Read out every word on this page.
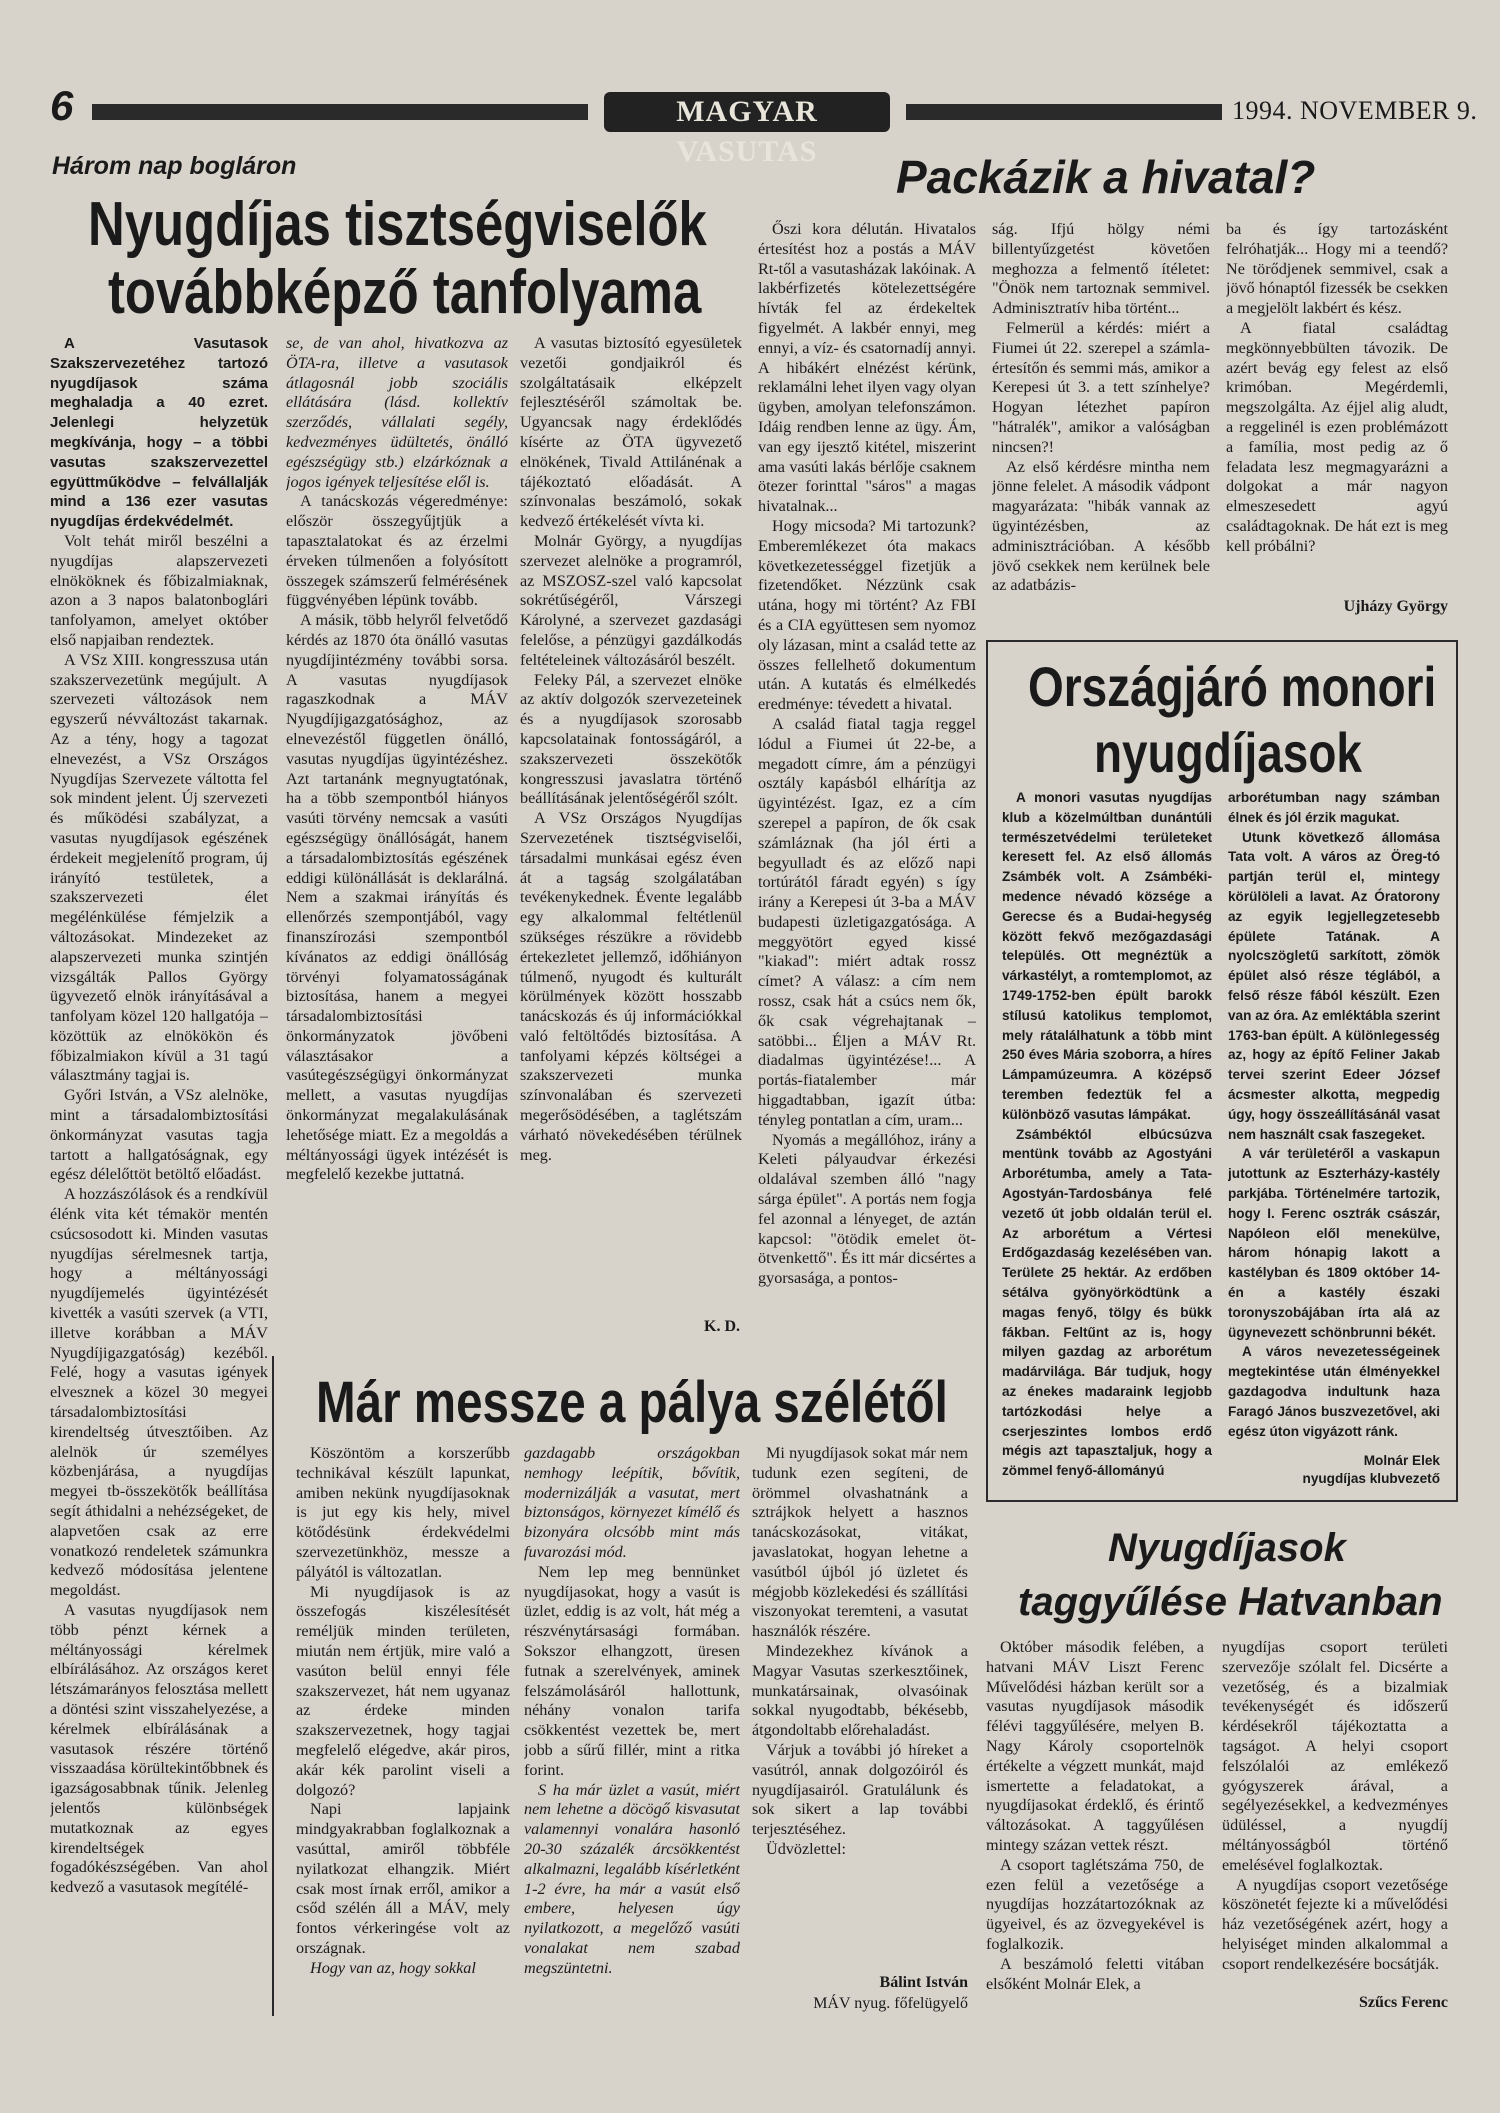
6	MAGYAR VASUTAS
1994. NOVEMBER 9.
Három nap bogláron
Nyugdíjas tisztségviselők
továbbképző tanfolyama

A Vasutasok Szakszervezetéhez tartozó nyugdíjasok száma meghaladja a 40 ezret. Jelenlegi helyzetük megkívánja, hogy – a többi vasutas szakszervezettel együttműködve – felvállalják mind a 136 ezer vasutas nyugdíjas érdekvédelmét.

Volt tehát miről beszélni a nyugdíjas alapszervezeti elnököknek és főbizalmiaknak, azon a 3 napos balatonboglári tanfolyamon, amelyet október első napjaiban rendeztek.

A VSz XIII. kongresszusa után szakszervezetünk megújult. A szervezeti változások nem egyszerű névváltozást takarnak. Az a tény, hogy a tagozat elnevezést, a VSz Országos Nyugdíjas Szervezete váltotta fel sok mindent jelent. Új szervezeti és működési szabályzat, a vasutas nyugdíjasok egészének érdekeit megjelenítő program, új irányító testületek, a szakszervezeti élet megélénkülése fémjelzik a változásokat. Mindezeket az alapszervezeti munka szintjén vizsgálták Pallos György ügyvezető elnök irányításával a tanfolyam közel 120 hallgatója – közöttük az elnökökön és főbizalmiakon kívül a 31 tagú választmány tagjai is.

Győri István, a VSz alelnöke, mint a társadalombiztosítási önkormányzat vasutas tagja tartott a hallgatóságnak, egy egész délelőttöt betöltő előadást.

A hozzászólások és a rendkívül élénk vita két témakör mentén csúcsosodott ki. Minden vasutas nyugdíjas sérelmesnek tartja, hogy a méltányossági nyugdíjemelés ügyintézését kivették a vasúti szervek (a VTI, illetve korábban a MÁV Nyugdíjigazgatóság) kezéből. Felé, hogy a vasutas igények elvesznek a közel 30 megyei társadalombiztosítási kirendeltség útvesztőiben. Az alelnök úr személyes közbenjárása, a nyugdíjas megyei tb-összekötők beállítása segít áthidalni a nehézségeket, de alapvetően csak az erre vonatkozó rendeletek számunkra kedvező módosítása jelentene megoldást.

A vasutas nyugdíjasok nem több pénzt kérnek a méltányossági kérelmek elbírálásához. Az országos keret létszámarányos felosztása mellett a döntési szint visszahelyezése, a kérelmek elbírálásának a vasutasok részére történő visszaadása körültekintőbbnek és igazságosabbnak tűnik. Jelenleg jelentős különbségek mutatkoznak az egyes kirendeltségek fogadókészségében. Van ahol kedvező a vasutasok megítélé-

se, de van ahol, hivatkozva az ÖTA-ra, illetve a vasutasok átlagosnál jobb szociális ellátására (lásd. kollektív szerződés, vállalati segély, kedvezményes üdültetés, önálló egészségügy stb.) elzárkóznak a jogos igények teljesítése elől is.

A tanácskozás végeredménye: először összegyűjtjük a tapasztalatokat és az érzelmi érveken túlmenően a folyósított összegek számszerű felmérésének függvényében lépünk tovább.

A másik, több helyről felvetődő kérdés az 1870 óta önálló vasutas nyugdíjintézmény további sorsa. A vasutas nyugdíjasok ragaszkodnak a MÁV Nyugdíjigazgatósághoz, az elnevezéstől független önálló, vasutas nyugdíjas ügyintézéshez. Azt tartanánk megnyugtatónak, ha a több szempontból hiányos vasúti törvény nemcsak a vasúti egészségügy önállóságát, hanem a társadalombiztosítás egészének eddigi különállását is deklarálná. Nem a szakmai irányítás és ellenőrzés szempontjából, vagy finanszírozási szempontból kívánatos az eddigi önállóság törvényi folyamatosságának biztosítása, hanem a megyei társadalombiztosítási önkormányzatok jövőbeni választásakor a vasútegészségügyi önkormányzat mellett, a vasutas nyugdíjas önkormányzat megalakulásának lehetősége miatt. Ez a megoldás a méltányossági ügyek intézését is megfelelő kezekbe juttatná.

A vasutas biztosító egyesületek vezetői gondjaikról és szolgáltatásaik elképzelt fejlesztéséről számoltak be. Ugyancsak nagy érdeklődés kísérte az ÖTA ügyvezető elnökének, Tivald Attilánénak a tájékoztató előadását. A színvonalas beszámoló, sokak kedvező értékelését vívta ki.

Molnár György, a nyugdíjas szervezet alelnöke a programról, az MSZOSZ-szel való kapcsolat sokrétűségéről, Várszegi Károlyné, a szervezet gazdasági felelőse, a pénzügyi gazdálkodás feltételeinek változásáról beszélt.

Feleky Pál, a szervezet elnöke az aktív dolgozók szervezeteinek és a nyugdíjasok szorosabb kapcsolatainak fontosságáról, a szakszervezeti összekötők kongresszusi javaslatra történő beállításának jelentőségéről szólt.

A VSz Országos Nyugdíjas Szervezetének tisztségviselői, társadalmi munkásai egész éven át a tagság szolgálatában tevékenykednek. Évente legalább egy alkalommal feltétlenül szükséges részükre a rövidebb értekezletet jellemző, időhiányon túlmenő, nyugodt és kulturált körülmények között hosszabb tanácskozás és új információkkal való feltöltődés biztosítása. A tanfolyami képzés költségei a szakszervezeti munka színvonalában és szervezeti megerősödésében, a taglétszám várható növekedésében térülnek meg.

K. D.
Packázik a hivatal?

Őszi kora délután. Hivatalos értesítést hoz a postás a MÁV Rt-től a vasutasházak lakóinak. A lakbérfizetés kötelezettségére hívták fel az érdekeltek figyelmét. A lakbér ennyi, meg ennyi, a víz- és csatornadíj annyi. A hibákért elnézést kérünk, reklamálni lehet ilyen vagy olyan ügyben, amolyan telefonszámon. Idáig rendben lenne az ügy. Ám, van egy ijesztő kitétel, miszerint ama vasúti lakás bérlője csaknem ötezer forinttal "sáros" a magas hivatalnak...

Hogy micsoda? Mi tartozunk? Emberemlékezet óta makacs következetességgel fizetjük a fizetendőket. Nézzünk csak utána, hogy mi történt? Az FBI és a CIA együttesen sem nyomoz oly lázasan, mint a család tette az összes fellelhető dokumentum után. A kutatás és elmélkedés eredménye: tévedett a hivatal.

A család fiatal tagja reggel lódul a Fiumei út 22-be, a megadott címre, ám a pénzügyi osztály kapásból elhárítja az ügyintézést. Igaz, ez a cím szerepel a papíron, de ők csak számláznak (ha jól érti a begyulladt és az előző napi tortúrától fáradt egyén) s így irány a Kerepesi út 3-ba a MÁV budapesti üzletigazgatósága. A meggyötört egyed kissé "kiakad": miért adtak rossz címet? A válasz: a cím nem rossz, csak hát a csúcs nem ők, ők csak végrehajtanak – satöbbi... Éljen a MÁV Rt. diadalmas ügyintézése!... A portás-fiatalember már higgadtabban, igazít útba: tényleg pontatlan a cím, uram...

Nyomás a megállóhoz, irány a Keleti pályaudvar érkezési oldalával szemben álló "nagy sárga épület". A portás nem fogja fel azonnal a lényeget, de aztán kapcsol: "ötödik emelet öt-ötvenkettő". És itt már dicsértes a gyorsasága, a pontos-

ság. Ifjú hölgy némi billentyűzgetést követően meghozza a felmentő ítéletet: "Önök nem tartoznak semmivel. Adminisztratív hiba történt...

Felmerül a kérdés: miért a Fiumei út 22. szerepel a számla-értesítőn és semmi más, amikor a Kerepesi út 3. a tett színhelye? Hogyan létezhet papíron "hátralék", amikor a valóságban nincsen?!

Az első kérdésre mintha nem jönne felelet. A második vádpont magyarázata: "hibák vannak az ügyintézésben, az adminisztrációban. A később jövő csekkek nem kerülnek bele az adatbázis-

ba és így tartozásként felróhatják... Hogy mi a teendő? Ne törődjenek semmivel, csak a jövő hónaptól fizessék be csekken a megjelölt lakbért és kész.

A fiatal családtag megkönnyebbülten távozik. De azért bevág egy felest az első krimóban. Megérdemli, megszolgálta. Az éjjel alig aludt, a reggelinél is ezen problémázott a família, most pedig az ő feladata lesz megmagyarázni a dolgokat a már nagyon elmeszesedett agyú családtagoknak. De hát ezt is meg kell próbálni?

Ujházy György
Országjáró monori
nyugdíjasok

A monori vasutas nyugdíjas klub a közelmúltban dunántúli természetvédelmi területeket keresett fel. Az első állomás Zsámbék volt. A Zsámbéki-medence névadó községe a Gerecse és a Budai-hegység között fekvő mezőgazdasági település. Ott megnéztük a várkastélyt, a romtemplomot, az 1749-1752-ben épült barokk stílusú katolikus templomot, mely rátalálhatunk a több mint 250 éves Mária szoborra, a híres Lámpamúzeumra. A középső teremben fedeztük fel a különböző vasutas lámpákat.

Zsámbéktól elbúcsúzva mentünk tovább az Agostyáni Arborétumba, amely a Tata-Agostyán-Tardosbánya felé vezető út jobb oldalán terül el. Az arborétum a Vértesi Erdőgazdaság kezelésében van. Területe 25 hektár. Az erdőben sétálva gyönyörködtünk a magas fenyő, tölgy és bükk fákban. Feltűnt az is, hogy milyen gazdag az arborétum madárvilága. Bár tudjuk, hogy az énekes madaraink legjobb tartózkodási helye a cserjeszintes lombos erdő mégis azt tapasztaljuk, hogy a zömmel fenyő-állományú

arborétumban nagy számban élnek és jól érzik magukat.

Utunk következő állomása Tata volt. A város az Öreg-tó partján terül el, mintegy körülöleli a lavat. Az Óratorony az egyik legjellegzetesebb épülete Tatának. A nyolcszögletű sarkított, zömök épület alsó része téglából, a felső része fából készült. Ezen van az óra. Az emléktábla szerint 1763-ban épült. A különlegesség az, hogy az építő Feliner Jakab tervei szerint Edeer József ácsmester alkotta, megpedig úgy, hogy összeállításánál vasat nem használt csak faszegeket.

A vár területéről a vaskapun jutottunk az Eszterházy-kastély parkjába. Történelmére tartozik, hogy I. Ferenc osztrák császár, Napóleon elől menekülve, három hónapig lakott a kastélyban és 1809 október 14-én a kastély északi toronyszobájában írta alá az ügynevezett schönbrunni békét.

A város nevezetességeinek megtekintése után élményekkel gazdagodva indultunk haza Faragó János buszvezetővel, aki egész úton vigyázott ránk.

Molnár Elek
nyugdíjas klubvezető
Már messze a pálya szélétől

Köszöntöm a korszerűbb technikával készült lapunkat, amiben nekünk nyugdíjasoknak is jut egy kis hely, mivel kötődésünk érdekvédelmi szervezetünkhöz, messze a pályától is változatlan.

Mi nyugdíjasok is az összefogás kiszélesítését reméljük minden területen, miután nem értjük, mire való a vasúton belül ennyi féle szakszervezet, hát nem ugyanaz az érdeke minden szakszervezetnek, hogy tagjai megfelelő elégedve, akár piros, akár kék parolint viseli a dolgozó?

Napi lapjaink mindgyakrabban foglalkoznak a vasúttal, amiről többféle nyilatkozat elhangzik. Miért csak most írnak erről, amikor a csőd szélén áll a MÁV, mely fontos vérkeringése volt az országnak.

Hogy van az, hogy sokkal

gazdagabb országokban nemhogy leépítik, bővítik, modernizálják a vasutat, mert biztonságos, környezet kímélő és bizonyára olcsóbb mint más fuvarozási mód.

Nem lep meg bennünket nyugdíjasokat, hogy a vasút is üzlet, eddig is az volt, hát még a részvénytársasági formában. Sokszor elhangzott, üresen futnak a szerelvények, aminek felszámolásáról hallottunk, néhány vonalon tarifa csökkentést vezettek be, mert jobb a sűrű fillér, mint a ritka forint.

S ha már üzlet a vasút, miért nem lehetne a döcögő kisvasutat valamennyi vonalára hasonló 20-30 százalék árcsökkentést alkalmazni, legalább kísérletként 1-2 évre, ha már a vasút első embere, helyesen úgy nyilatkozott, a megelőző vasúti vonalakat nem szabad megszüntetni.

Mi nyugdíjasok sokat már nem tudunk ezen segíteni, de örömmel olvashatnánk a sztrájkok helyett a hasznos tanácskozásokat, vitákat, javaslatokat, hogyan lehetne a vasútból újból jó üzletet és mégjobb közlekedési és szállítási viszonyokat teremteni, a vasutat használók részére.

Mindezekhez kívánok a Magyar Vasutas szerkesztőinek, munkatársainak, olvasóinak sokkal nyugodtabb, békésebb, átgondoltabb előrehaladást.

Várjuk a további jó híreket a vasútról, annak dolgozóiról és nyugdíjasairól. Gratulálunk és sok sikert a lap további terjesztéséhez.

Üdvözlettel:

Bálint István
MÁV nyug. főfelügyelő
Nyugdíjasok
taggyűlése Hatvanban

Október második felében, a hatvani MÁV Liszt Ferenc Művelődési házban került sor a vasutas nyugdíjasok második félévi taggyűlésére, melyen B. Nagy Károly csoportelnök értékelte a végzett munkát, majd ismertette a feladatokat, a nyugdíjasokat érdeklő, és érintő változásokat. A taggyűlésen mintegy százan vettek részt.

A csoport taglétszáma 750, de ezen felül a vezetősége a nyugdíjas hozzátartozóknak az ügyeivel, és az özvegyekével is foglalkozik.

A beszámoló feletti vitában elsőként Molnár Elek, a

nyugdíjas csoport területi szervezője szólalt fel. Dicsérte a vezetőség, és a bizalmiak tevékenységét és időszerű kérdésekről tájékoztatta a tagságot. A helyi csoport felszólalói az emlékező gyógyszerek árával, a segélyezésekkel, a kedvezményes üdüléssel, a nyugdíj méltányosságból történő emelésével foglalkoztak.

A nyugdíjas csoport vezetősége köszönetét fejezte ki a művelődési ház vezetőségének azért, hogy a helyiséget minden alkalommal a csoport rendelkezésére bocsátják.

Szűcs Ferenc
